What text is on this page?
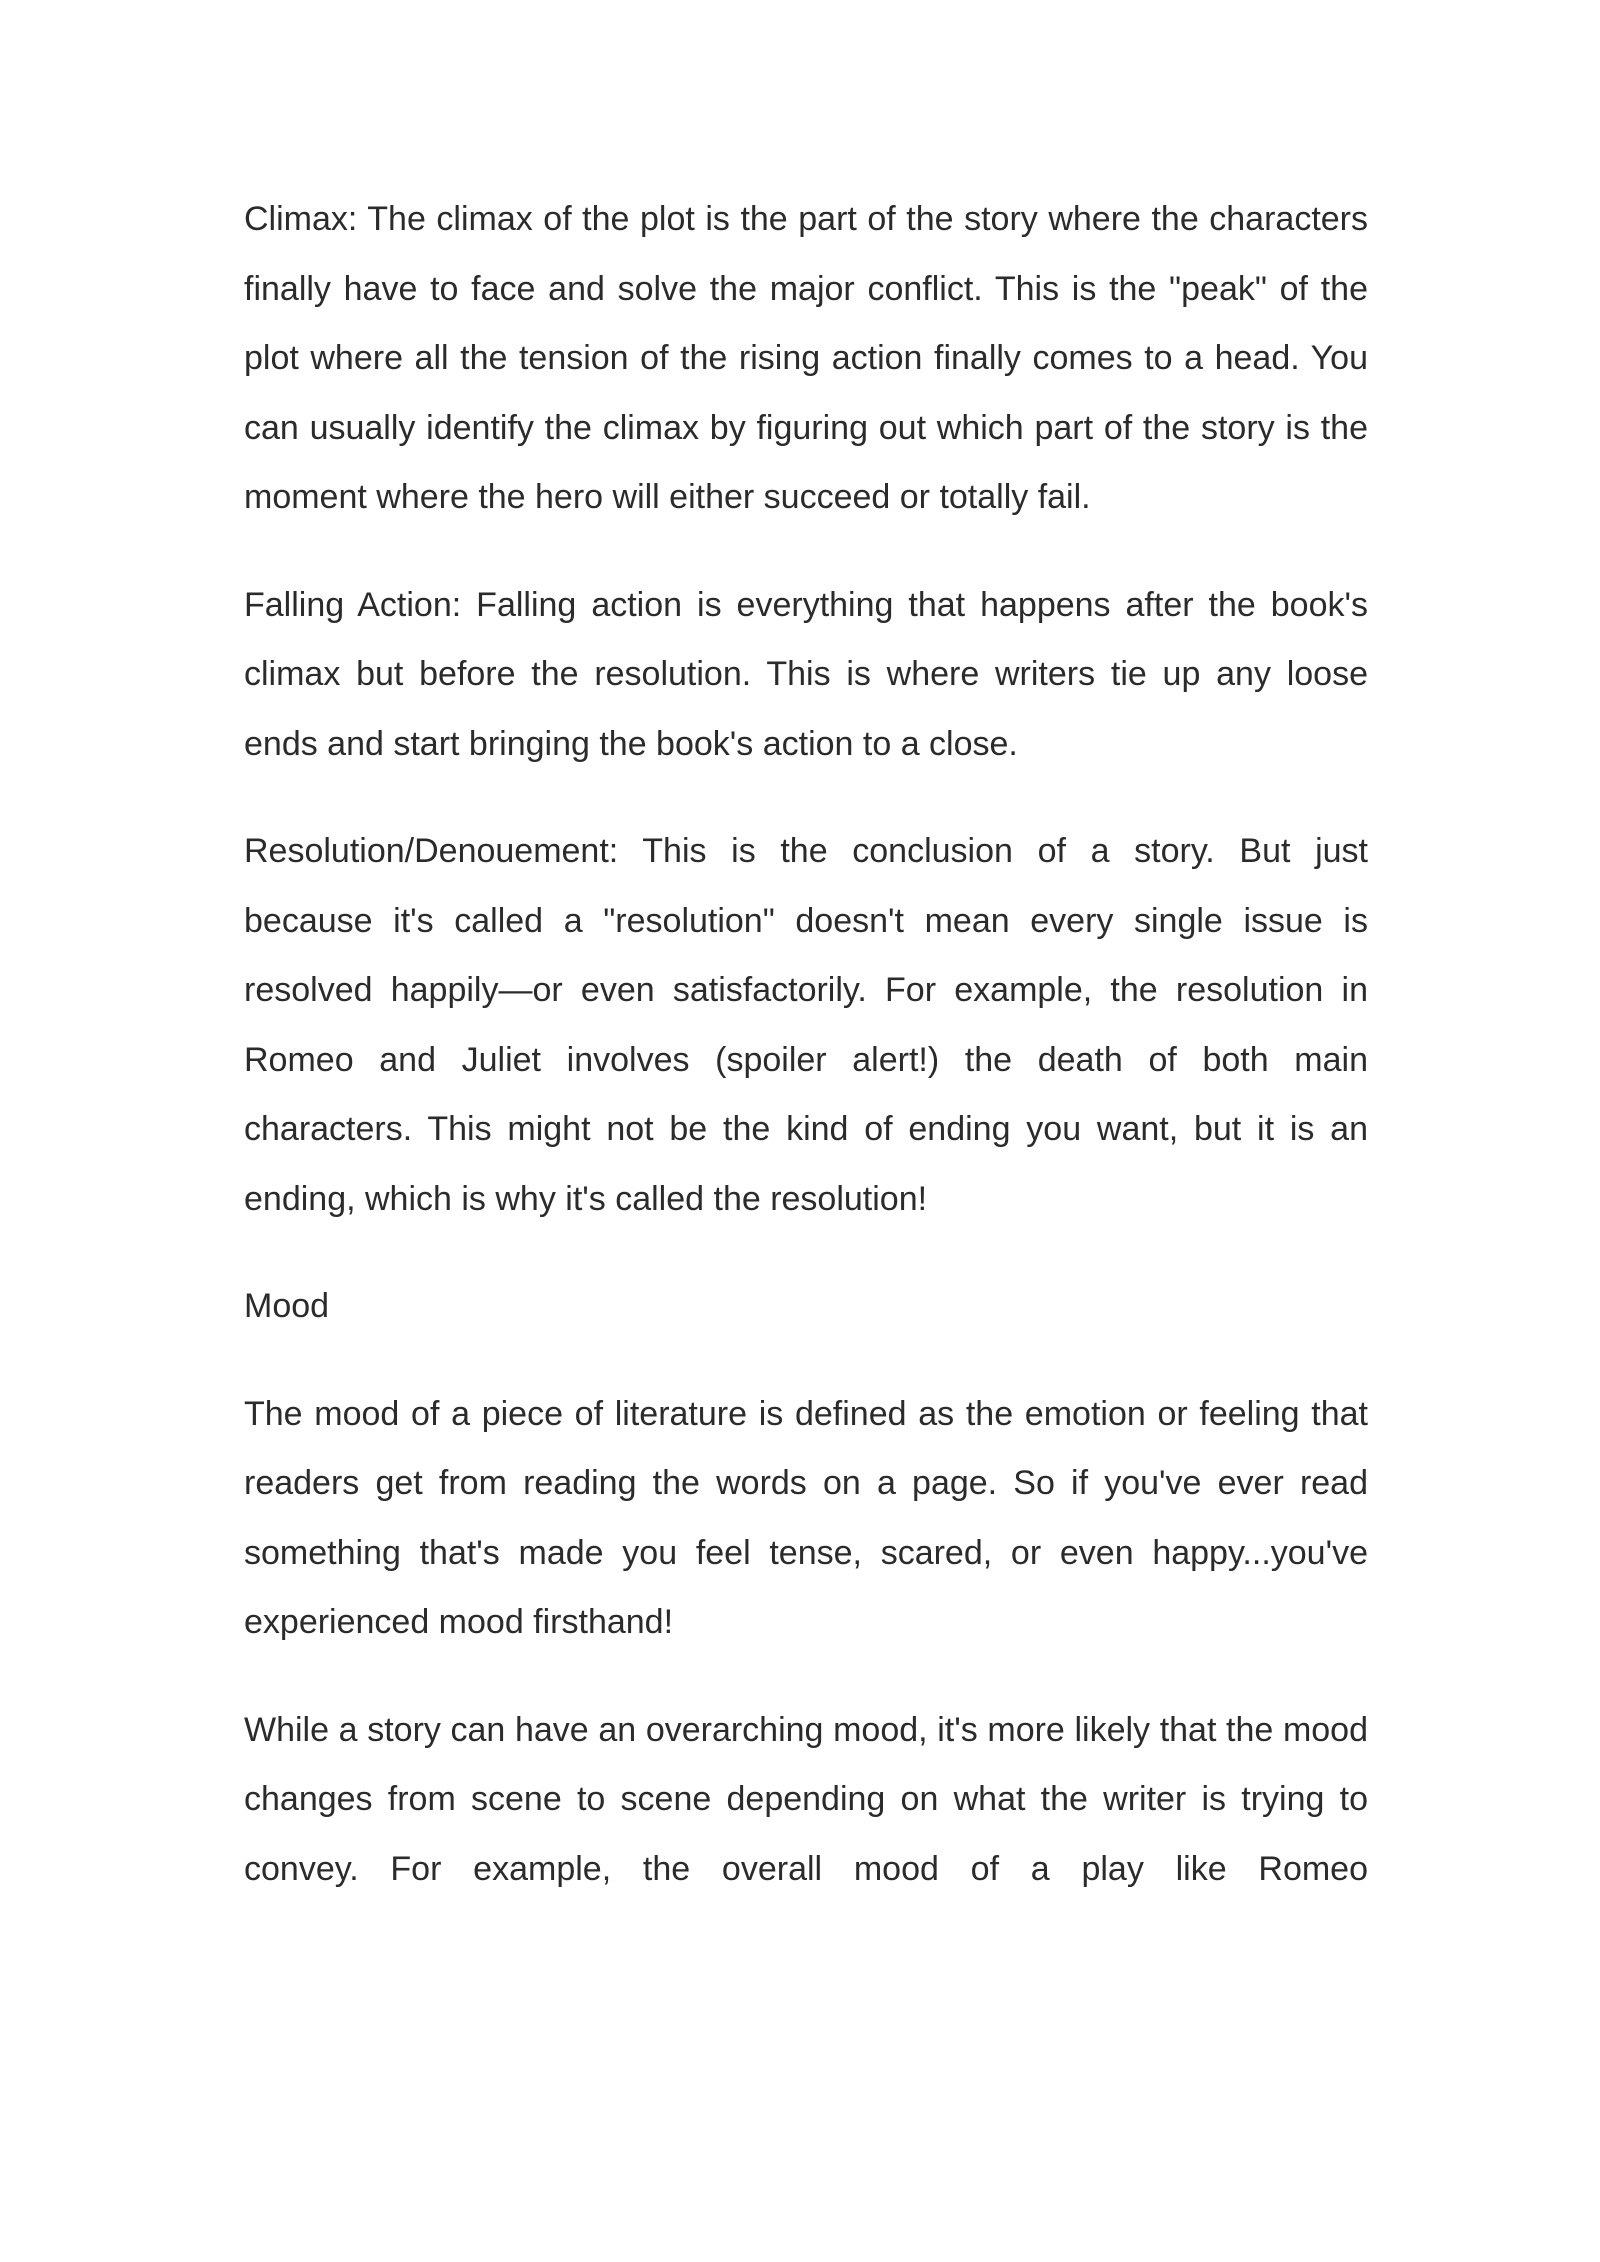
Climax: The climax of the plot is the part of the story where the characters finally have to face and solve the major conflict. This is the "peak" of the plot where all the tension of the rising action finally comes to a head. You can usually identify the climax by figuring out which part of the story is the moment where the hero will either succeed or totally fail.

Falling Action: Falling action is everything that happens after the book's climax but before the resolution. This is where writers tie up any loose ends and start bringing the book's action to a close.

Resolution/Denouement: This is the conclusion of a story. But just because it's called a "resolution" doesn't mean every single issue is resolved happily—or even satisfactorily. For example, the resolution in Romeo and Juliet involves (spoiler alert!) the death of both main characters. This might not be the kind of ending you want, but it is an ending, which is why it's called the resolution!

Mood

The mood of a piece of literature is defined as the emotion or feeling that readers get from reading the words on a page. So if you've ever read something that's made you feel tense, scared, or even happy...you've experienced mood firsthand!

While a story can have an overarching mood, it's more likely that the mood changes from scene to scene depending on what the writer is trying to convey. For example, the overall mood of a play like Romeo
